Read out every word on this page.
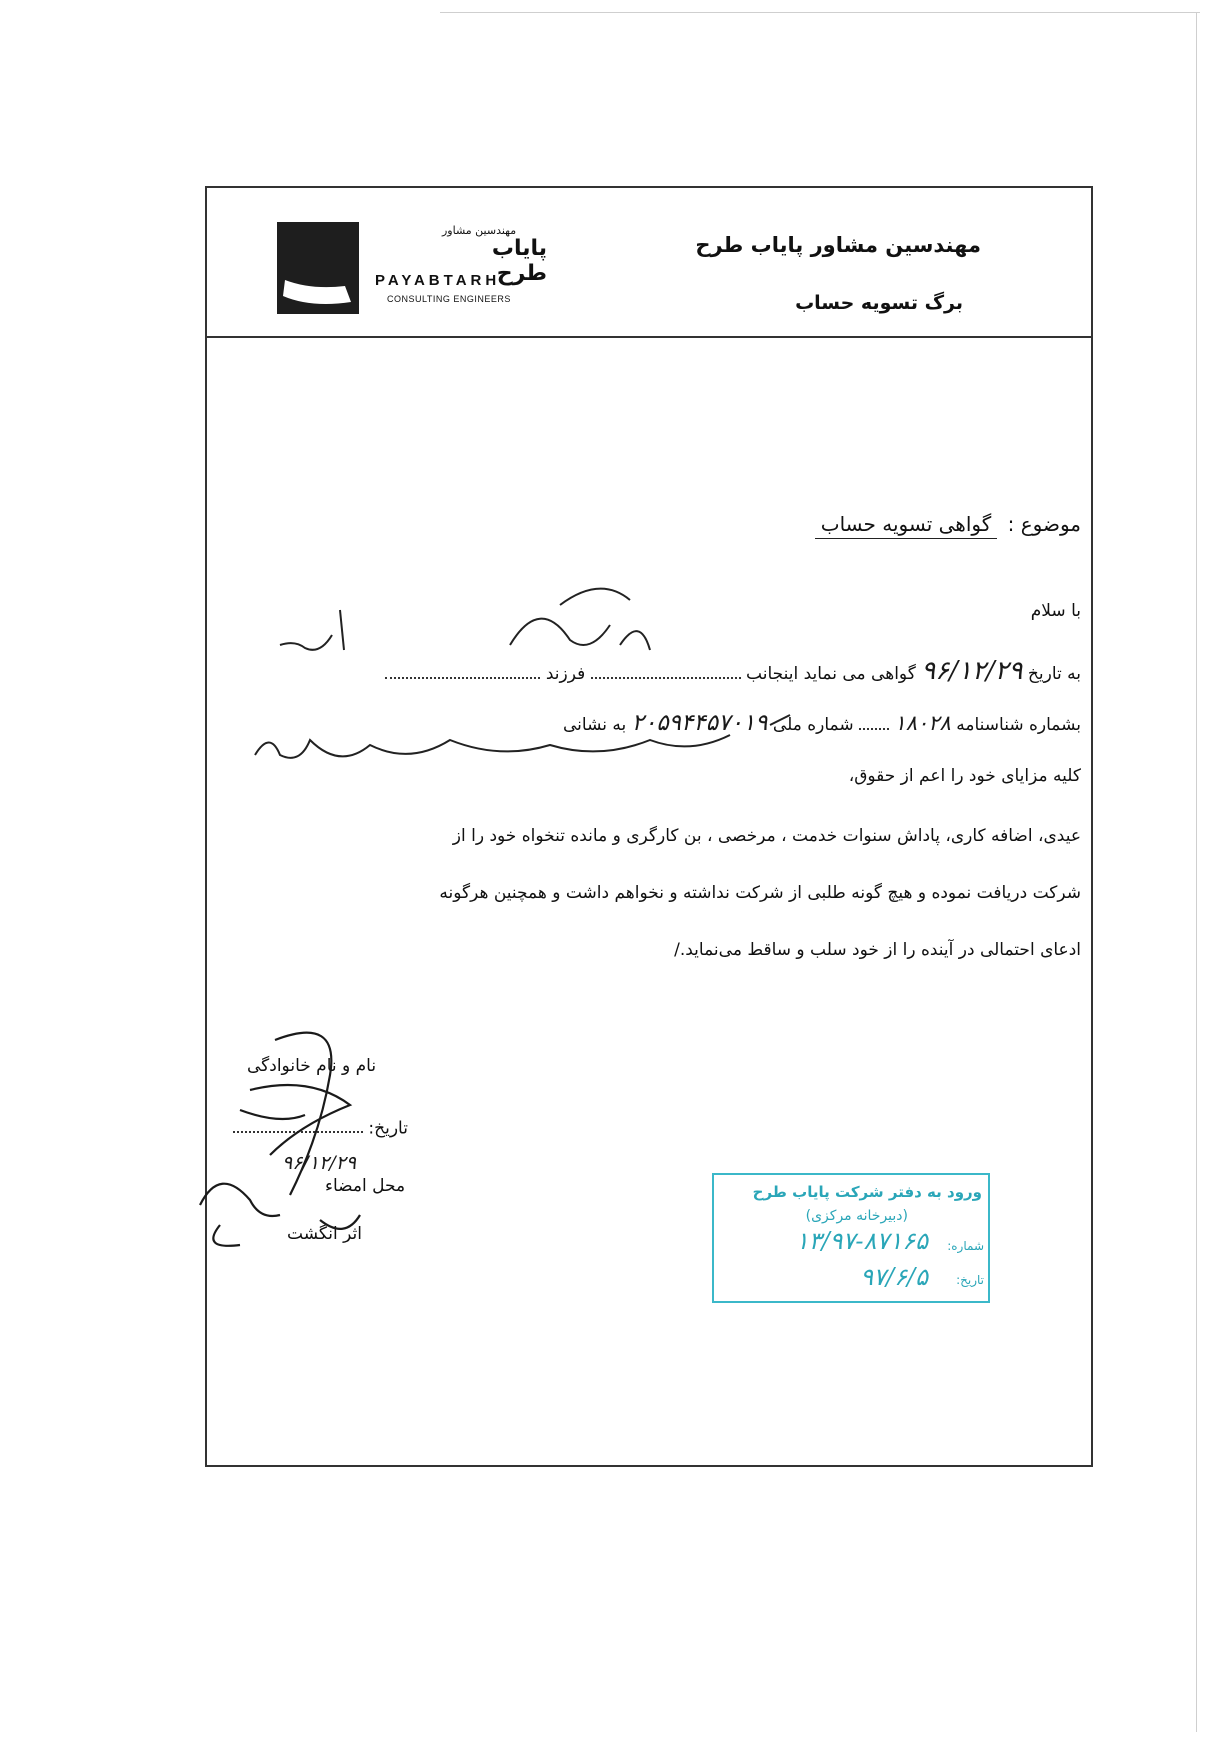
مهندسین مشاور پایاب طرح
برگ تسویه حساب
مهندسین مشاور
پایاب طرح
PAYABTARH
CONSULTING ENGINEERS
موضوع : گواهی تسویه حساب
با سلام
به تاریخ ۹۶/۱۲/۲۹ گواهی می نماید اینجانب  فرزند
بشماره شناسنامه ۱۸۰۲۸  شماره ملی ۲۰۵۹۴۴۵۷۰۱۹ به نشانی
کلیه مزایای خود را اعم از حقوق،
عیدی، اضافه کاری، پاداش سنوات خدمت ، مرخصی ، بن کارگری و مانده تنخواه خود را از
شرکت دریافت نموده و هیچ گونه طلبی از شرکت نداشته و نخواهم داشت و همچنین هرگونه
ادعای احتمالی در آینده را از خود سلب و ساقط می‌نماید./
نام و نام خانوادگی
تاریخ:
۹۶/۱۲/۲۹
محل امضاء
اثر انگشت
ورود به دفتر شرکت پایاب طرح
(دبیرخانه مرکزی)
شماره:
۱۳/۹۷-۸۷۱۶۵
تاریخ:
۹۷/۶/۵
